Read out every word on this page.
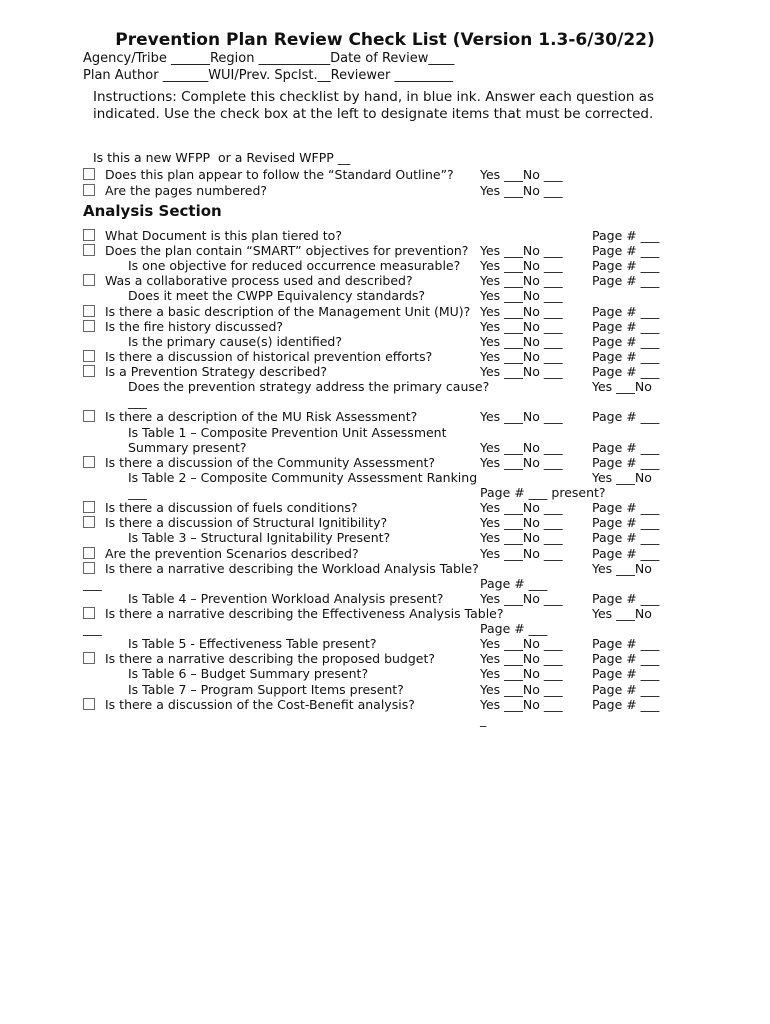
Prevention Plan Review Check List (Version 1.3-6/30/22)
Agency/Tribe ______Region ___________Date of Review____
Plan Author _______WUI/Prev. Spclst.__Reviewer _________
Instructions: Complete this checklist by hand, in blue ink. Answer each question as indicated. Use the check box at the left to designate items that must be corrected.
Is this a new WFPP  or a Revised WFPP __
Does this plan appear to follow the “Standard Outline”? Yes ___No ___
Are the pages numbered?	Yes ___No ___
Analysis Section
What Document is this plan tiered to?	Page # ___
Does the plan contain “SMART” objectives for prevention? Yes ___No ___ Page # ___
Is one objective for reduced occurrence measurable? Yes ___No ___ Page # ___
Was a collaborative process used and described?	Yes ___No ___ Page # ___
Does it meet the CWPP Equivalency standards?	Yes ___No ___
Is there a basic description of the Management Unit (MU)? Yes ___No ___ Page # ___
Is the fire history discussed?	Yes ___No ___ Page # ___
Is the primary cause(s) identified?	Yes ___No ___ Page # ___
Is there a discussion of historical prevention efforts?	Yes ___No ___ Page # ___
Is a Prevention Strategy described?	Yes ___No ___ Page # ___
Does the prevention strategy address the primary cause?	Yes ___No
___
Is there a description of the MU Risk Assessment?	Yes ___No ___ Page # ___
Is Table 1 – Composite Prevention Unit Assessment
Summary present?	Yes ___No ___ Page # ___
Is there a discussion of the Community Assessment?	Yes ___No ___ Page # ___
Is Table 2 – Composite Community Assessment Ranking	Yes ___No
___	Page # ___ present?
Is there a discussion of fuels conditions?	Yes ___No ___ Page # ___
Is there a discussion of Structural Ignitibility?	Yes ___No ___ Page # ___
Is Table 3 – Structural Ignitability Present?	Yes ___No ___ Page # ___
Are the prevention Scenarios described?	Yes ___No ___ Page # ___
Is there a narrative describing the Workload Analysis Table?	Yes ___No
___	Page # ___
Is Table 4 – Prevention Workload Analysis present?	Yes ___No ___ Page # ___
Is there a narrative describing the Effectiveness Analysis Table?	Yes ___No
___	Page # ___
Is Table 5 - Effectiveness Table present?	Yes ___No ___ Page # ___
Is there a narrative describing the proposed budget?	Yes ___No ___ Page # ___
Is Table 6 – Budget Summary present?	Yes ___No ___ Page # ___
Is Table 7 – Program Support Items present?	Yes ___No ___ Page # ___
Is there a discussion of the Cost-Benefit analysis?	Yes ___No ___ Page # ___
_
